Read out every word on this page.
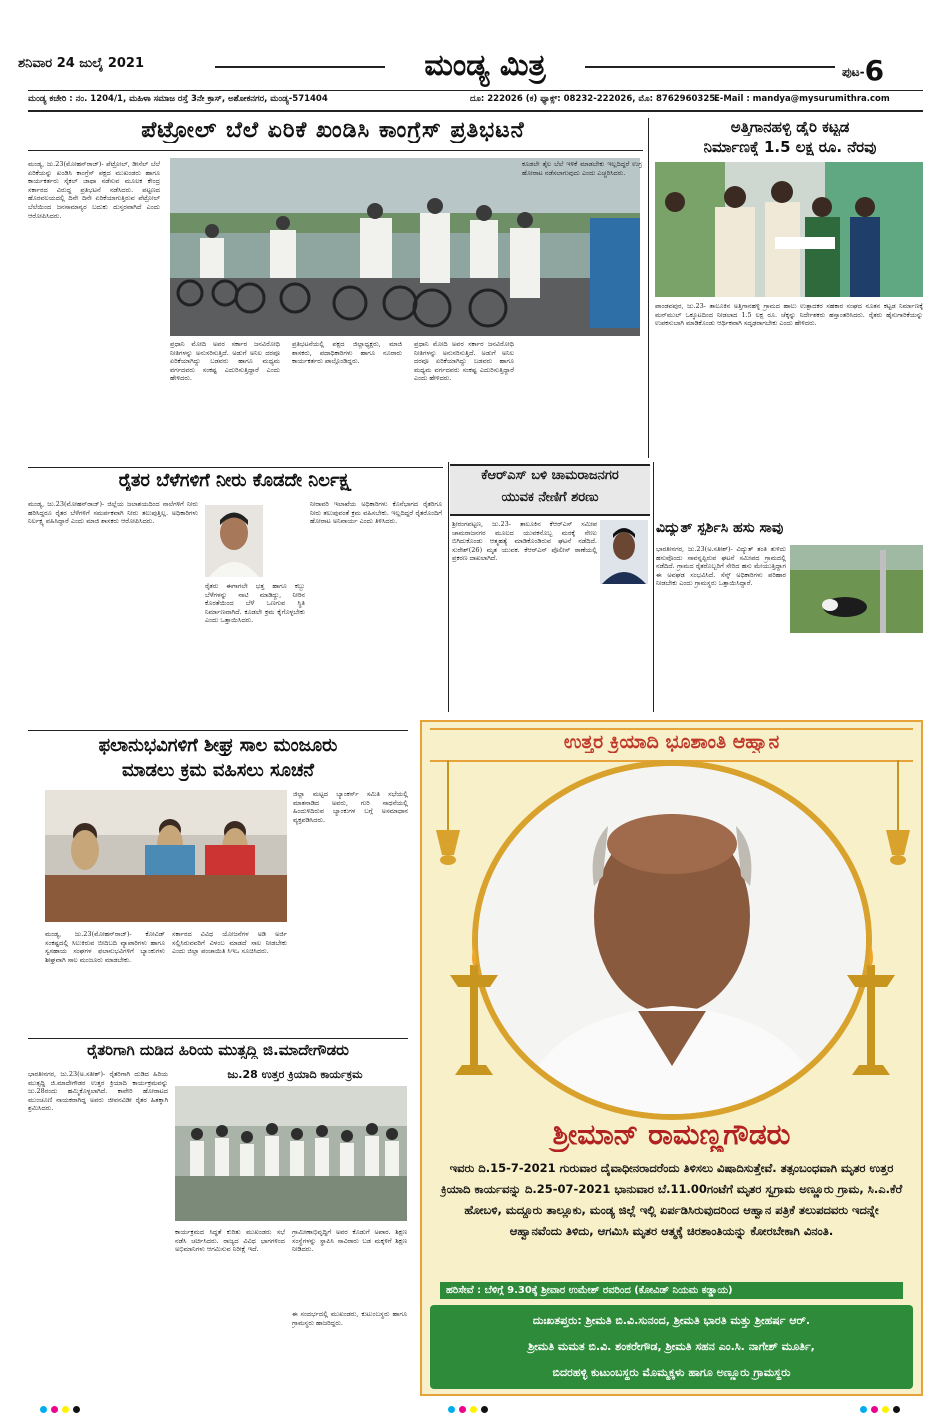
ಶನಿವಾರ 24 ಜುಲೈ 2021	ಮಂಡ್ಯ ಮಿತ್ರ	ಪುಟ-6
ಮಂಡ್ಯ ಕಚೇರಿ : ನಂ. 1204/1, ಮಹಿಳಾ ಸಮಾಜ ರಸ್ತೆ 3ನೇ ಕ್ರಾಸ್, ಅಶೋಕನಗರ, ಮಂಡ್ಯ-571404	ದೂ: 222026 (ಕ) ಫ್ಯಾಕ್ಸ್: 08232-222026, ಮೊ: 8762960325.
E-Mail : mandya@mysurumithra.com
ಪೆಟ್ರೋಲ್ ಬೆಲೆ ಏರಿಕೆ ಖಂಡಿಸಿ ಕಾಂಗ್ರೆಸ್ ಪ್ರತಿಭಟನೆ
ಮಂಡ್ಯ, ಜು.23(ಮೋಹನ್‌ರಾಜ್)- ಪೆಟ್ರೋಲ್, ಡೀಸೆಲ್ ಬೆಲೆ ಏರಿಕೆಯನ್ನು ಖಂಡಿಸಿ ಕಾಂಗ್ರೆಸ್ ಪಕ್ಷದ ಮುಖಂಡರು ಹಾಗೂ ಕಾರ್ಯಕರ್ತರು ಸೈಕಲ್ ಜಾಥಾ ನಡೆಸುವ ಮೂಲಕ ಕೇಂದ್ರ ಸರ್ಕಾರದ ವಿರುದ್ಧ ಪ್ರತಿಭಟನೆ ನಡೆಸಿದರು. ಪಟ್ಟಣದ ಹೊರವಲಯದಲ್ಲಿ ದಿನೇ ದಿನೇ ಏರಿಕೆಯಾಗುತ್ತಿರುವ ಪೆಟ್ರೋಲ್ ಬೆಲೆಯಿಂದ ಜನಸಾಮಾನ್ಯರ ಬದುಕು ದುಸ್ತರವಾಗಿದೆ ಎಂದು ಆರೋಪಿಸಿದರು.
ಪ್ರಧಾನಿ ಮೋದಿ ಅವರ ಸರ್ಕಾರ ಜನವಿರೋಧಿ ನೀತಿಗಳನ್ನು ಅನುಸರಿಸುತ್ತಿದೆ. ಅಡುಗೆ ಅನಿಲ ದರವೂ ಏರಿಕೆಯಾಗಿದ್ದು ಬಡವರು ಹಾಗೂ ಮಧ್ಯಮ ವರ್ಗದವರು ಸಂಕಷ್ಟ ಎದುರಿಸುತ್ತಿದ್ದಾರೆ ಎಂದು ಹೇಳಿದರು.
ಪ್ರತಿಭಟನೆಯಲ್ಲಿ ಪಕ್ಷದ ಜಿಲ್ಲಾಧ್ಯಕ್ಷರು, ಮಾಜಿ ಶಾಸಕರು, ಪದಾಧಿಕಾರಿಗಳು ಹಾಗೂ ನೂರಾರು ಕಾರ್ಯಕರ್ತರು ಪಾಲ್ಗೊಂಡಿದ್ದರು.
ಕೂಡಲೇ ತೈಲ ಬೆಲೆ ಇಳಿಕೆ ಮಾಡಬೇಕು ಇಲ್ಲದಿದ್ದರೆ ಉಗ್ರ ಹೋರಾಟ ನಡೆಸಲಾಗುವುದು ಎಂದು ಎಚ್ಚರಿಸಿದರು.
ಪ್ರಧಾನಿ ಮೋದಿ ಅವರ ಸರ್ಕಾರ ಜನವಿರೋಧಿ ನೀತಿಗಳನ್ನು ಅನುಸರಿಸುತ್ತಿದೆ. ಅಡುಗೆ ಅನಿಲ ದರವೂ ಏರಿಕೆಯಾಗಿದ್ದು ಬಡವರು ಹಾಗೂ ಮಧ್ಯಮ ವರ್ಗದವರು ಸಂಕಷ್ಟ ಎದುರಿಸುತ್ತಿದ್ದಾರೆ ಎಂದು ಹೇಳಿದರು.
ಅತ್ತಿಗಾನಹಳ್ಳಿ ಡೈರಿ ಕಟ್ಟಡ
ನಿರ್ಮಾಣಕ್ಕೆ 1.5 ಲಕ್ಷ ರೂ. ನೆರವು
ಪಾಂಡವಪುರ, ಜು.23- ತಾಲೂಕಿನ ಅತ್ತಿಗಾನಹಳ್ಳಿ ಗ್ರಾಮದ ಹಾಲು ಉತ್ಪಾದಕರ ಸಹಕಾರ ಸಂಘದ ನೂತನ ಕಟ್ಟಡ ನಿರ್ಮಾಣಕ್ಕೆ ಮನ್‌ಮುಲ್ ಒಕ್ಕೂಟದಿಂದ ನೀಡಲಾದ 1.5 ಲಕ್ಷ ರೂ. ಚೆಕ್ಕನ್ನು ನಿರ್ದೇಶಕರು ಹಸ್ತಾಂತರಿಸಿದರು. ರೈತರು ಹೈನುಗಾರಿಕೆಯನ್ನು ಉಪಕಸುಬಾಗಿ ಮಾಡಿಕೊಂಡು ಆರ್ಥಿಕವಾಗಿ ಸದೃಢರಾಗಬೇಕು ಎಂದು ಹೇಳಿದರು.
ರೈತರ ಬೆಳೆಗಳಿಗೆ ನೀರು ಕೊಡದೇ ನಿರ್ಲಕ್ಷ್ಯ
ಮಂಡ್ಯ, ಜು.23(ಮೋಹನ್‌ರಾಜ್)- ಜಿಲ್ಲೆಯ ಜಲಾಶಯದಿಂದ ನಾಲೆಗಳಿಗೆ ನೀರು ಹರಿಸಿದ್ದರೂ ರೈತರ ಬೆಳೆಗಳಿಗೆ ಸಮರ್ಪಕವಾಗಿ ನೀರು ತಲುಪುತ್ತಿಲ್ಲ. ಅಧಿಕಾರಿಗಳು ನಿರ್ಲಕ್ಷ್ಯ ವಹಿಸಿದ್ದಾರೆ ಎಂದು ಮಾಜಿ ಶಾಸಕರು ಆರೋಪಿಸಿದರು.
ರೈತರು ಈಗಾಗಲೇ ಭತ್ತ ಹಾಗೂ ಕಬ್ಬು ಬೆಳೆಗಳನ್ನು ನಾಟಿ ಮಾಡಿದ್ದು, ನೀರಿನ ಕೊರತೆಯಿಂದ ಬೆಳೆ ಒಣಗುವ ಸ್ಥಿತಿ ನಿರ್ಮಾಣವಾಗಿದೆ. ಕೂಡಲೇ ಕ್ರಮ ಕೈಗೊಳ್ಳಬೇಕು ಎಂದು ಒತ್ತಾಯಿಸಿದರು.
ನೀರಾವರಿ ಇಲಾಖೆಯ ಅಧಿಕಾರಿಗಳು ಕೊನೆಭಾಗದ ರೈತರಿಗೂ ನೀರು ತಲುಪುವಂತೆ ಕ್ರಮ ವಹಿಸಬೇಕು. ಇಲ್ಲದಿದ್ದರೆ ರೈತರೊಂದಿಗೆ ಹೋರಾಟ ಅನಿವಾರ್ಯ ಎಂದು ತಿಳಿಸಿದರು.
ಕೆಆರ್‌ಎಸ್ ಬಳಿ ಚಾಮರಾಜನಗರ
ಯುವಕ ನೇಣಿಗೆ ಶರಣು
ಶ್ರೀರಂಗಪಟ್ಟಣ, ಜು.23- ತಾಲೂಕಿನ ಕೆಆರ್‌ಎಸ್ ಸಮೀಪ ಚಾಮರಾಜನಗರ ಮೂಲದ ಯುವಕನೊಬ್ಬ ಮರಕ್ಕೆ ನೇಣು ಬಿಗಿದುಕೊಂಡು ಆತ್ಮಹತ್ಯೆ ಮಾಡಿಕೊಂಡಿರುವ ಘಟನೆ ನಡೆದಿದೆ. ಸುರೇಶ್(26) ಮೃತ ಯುವಕ. ಕೆಆರ್‌ಎಸ್ ಪೊಲೀಸ್ ಠಾಣೆಯಲ್ಲಿ ಪ್ರಕರಣ ದಾಖಲಾಗಿದೆ.
ವಿದ್ಯುತ್ ಸ್ಪರ್ಶಿಸಿ ಹಸು ಸಾವು
ಭಾರತೀನಗರ, ಜು.23(ಅ.ಸತೀಶ್)- ವಿದ್ಯುತ್ ತಂತಿ ತುಳಿದು ಹಸುವೊಂದು ಸಾವನ್ನಪ್ಪಿರುವ ಘಟನೆ ಸಮೀಪದ ಗ್ರಾಮದಲ್ಲಿ ನಡೆದಿದೆ. ಗ್ರಾಮದ ರೈತರೊಬ್ಬರಿಗೆ ಸೇರಿದ ಹಸು ಮೇಯುತ್ತಿದ್ದಾಗ ಈ ಅವಘಡ ಸಂಭವಿಸಿದೆ. ಸೆಸ್ಕ್ ಅಧಿಕಾರಿಗಳು ಪರಿಹಾರ ನೀಡಬೇಕು ಎಂದು ಗ್ರಾಮಸ್ಥರು ಒತ್ತಾಯಿಸಿದ್ದಾರೆ.
ಫಲಾನುಭವಿಗಳಿಗೆ ಶೀಘ್ರ ಸಾಲ ಮಂಜೂರು
ಮಾಡಲು ಕ್ರಮ ವಹಿಸಲು ಸೂಚನೆ
ಮಂಡ್ಯ, ಜು.23(ಮೋಹನ್‌ರಾಜ್)- ಕೋವಿಡ್ ಸಂಕಷ್ಟದಲ್ಲಿ ಸಿಲುಕಿರುವ ಬೀದಿಬದಿ ವ್ಯಾಪಾರಿಗಳು ಹಾಗೂ ಸ್ವಸಹಾಯ ಸಂಘಗಳ ಫಲಾನುಭವಿಗಳಿಗೆ ಬ್ಯಾಂಕುಗಳು ಶೀಘ್ರವಾಗಿ ಸಾಲ ಮಂಜೂರು ಮಾಡಬೇಕು.
ಸರ್ಕಾರದ ವಿವಿಧ ಯೋಜನೆಗಳ ಅಡಿ ಅರ್ಜಿ ಸಲ್ಲಿಸಿರುವವರಿಗೆ ವಿಳಂಬ ಮಾಡದೆ ಸಾಲ ನೀಡಬೇಕು ಎಂದು ಜಿಲ್ಲಾ ಪಂಚಾಯಿತಿ ಸಿಇಒ ಸೂಚಿಸಿದರು.
ಜಿಲ್ಲಾ ಮಟ್ಟದ ಬ್ಯಾಂಕರ್ಸ್ ಸಮಿತಿ ಸಭೆಯಲ್ಲಿ ಮಾತನಾಡಿದ ಅವರು, ಗುರಿ ಸಾಧನೆಯಲ್ಲಿ ಹಿಂದುಳಿದಿರುವ ಬ್ಯಾಂಕುಗಳ ಬಗ್ಗೆ ಅಸಮಾಧಾನ ವ್ಯಕ್ತಪಡಿಸಿದರು.
ರೈತರಿಗಾಗಿ ದುಡಿದ ಹಿರಿಯ ಮುತ್ಸದ್ದಿ ಜಿ.ಮಾದೇಗೌಡರು
ಭಾರತೀನಗರ, ಜು.23(ಅ.ಸತೀಶ್)- ರೈತರಿಗಾಗಿ ದುಡಿದ ಹಿರಿಯ ಮುತ್ಸದ್ದಿ ಜಿ.ಮಾದೇಗೌಡರ ಉತ್ತರ ಕ್ರಿಯಾದಿ ಕಾರ್ಯಕ್ರಮವನ್ನು ಜು.28ರಂದು ಹಮ್ಮಿಕೊಳ್ಳಲಾಗಿದೆ. ಕಾವೇರಿ ಹೋರಾಟದ ಮುಂಚೂಣಿ ನಾಯಕರಾಗಿದ್ದ ಅವರು ಜೀವನವಿಡೀ ರೈತರ ಹಿತಕ್ಕಾಗಿ ಶ್ರಮಿಸಿದರು.
ಜು.28 ಉತ್ತರ ಕ್ರಿಯಾದಿ ಕಾರ್ಯಕ್ರಮ
ಕಾರ್ಯಕ್ರಮದ ಸಿದ್ಧತೆ ಕುರಿತು ಮುಖಂಡರು ಸಭೆ ನಡೆಸಿ ಚರ್ಚಿಸಿದರು. ರಾಜ್ಯದ ವಿವಿಧ ಭಾಗಗಳಿಂದ ಅಭಿಮಾನಿಗಳು ಆಗಮಿಸುವ ನಿರೀಕ್ಷೆ ಇದೆ.
ಗ್ರಾಮೀಣಾಭಿವೃದ್ಧಿಗೆ ಅವರ ಕೊಡುಗೆ ಅಪಾರ. ಶಿಕ್ಷಣ ಸಂಸ್ಥೆಗಳನ್ನು ಸ್ಥಾಪಿಸಿ ಸಾವಿರಾರು ಬಡ ಮಕ್ಕಳಿಗೆ ಶಿಕ್ಷಣ ನೀಡಿದರು.
ಈ ಸಂದರ್ಭದಲ್ಲಿ ಮುಖಂಡರು, ಕುಟುಂಬಸ್ಥರು ಹಾಗೂ ಗ್ರಾಮಸ್ಥರು ಹಾಜರಿದ್ದರು.
ಉತ್ತರ ಕ್ರಿಯಾದಿ ಭೂಶಾಂತಿ ಆಹ್ವಾನ
ಶ್ರೀಮಾನ್ ರಾಮಣ್ಣಗೌಡರು
ಇವರು ದಿ.15-7-2021 ಗುರುವಾರ ದೈವಾಧೀನರಾದರೆಂದು ತಿಳಿಸಲು ವಿಷಾದಿಸುತ್ತೇವೆ. ತತ್ಸಂಬಂಧವಾಗಿ ಮೃತರ ಉತ್ತರ ಕ್ರಿಯಾದಿ ಕಾರ್ಯವನ್ನು ದಿ.25-07-2021 ಭಾನುವಾರ ಬೆ.11.00ಗಂಟೆಗೆ ಮೃತರ ಸ್ವಗ್ರಾಮ ಅಣ್ಣೂರು ಗ್ರಾಮ, ಸಿ.ಎ.ಕೆರೆ ಹೋಬಳಿ, ಮದ್ದೂರು ತಾಲ್ಲೂಕು, ಮಂಡ್ಯ ಜಿಲ್ಲೆ ಇಲ್ಲಿ ಏರ್ಪಡಿಸಿರುವುದರಿಂದ ಆಹ್ವಾನ ಪತ್ರಿಕೆ ತಲುಪದವರು ಇದನ್ನೇ ಆಹ್ವಾನವೆಂದು ತಿಳಿದು, ಆಗಮಿಸಿ ಮೃತರ ಆತ್ಮಕ್ಕೆ ಚಿರಶಾಂತಿಯನ್ನು ಕೋರಬೇಕಾಗಿ ವಿನಂತಿ.
ಹರಿಸೇವೆ : ಬೆಳಿಗ್ಗೆ 9.30ಕ್ಕೆ ಶ್ರೀವಾರ ಉಮೇಶ್ ರವರಿಂದ (ಕೋವಿಡ್ ನಿಯಮ ಕಡ್ಡಾಯ)
ದುಃಖತಪ್ತರು: ಶ್ರೀಮತಿ ಬಿ.ವಿ.ಸುನಂದ, ಶ್ರೀಮತಿ ಭಾರತಿ ಮತ್ತು ಶ್ರೀಹರ್ಷ ಆರ್.
ಶ್ರೀಮತಿ ಮಮತ ಬಿ.ವಿ. ಶಂಕರೇಗೌಡ, ಶ್ರೀಮತಿ ಸಹನ ಎಂ.ಸಿ. ನಾಗೇಶ್ ಮೂರ್ತಿ,
ಬಿದರಹಳ್ಳಿ ಕುಟುಂಬಸ್ಥರು ಮೊಮ್ಮಕ್ಕಳು ಹಾಗೂ ಅಣ್ಣೂರು ಗ್ರಾಮಸ್ಥರು
